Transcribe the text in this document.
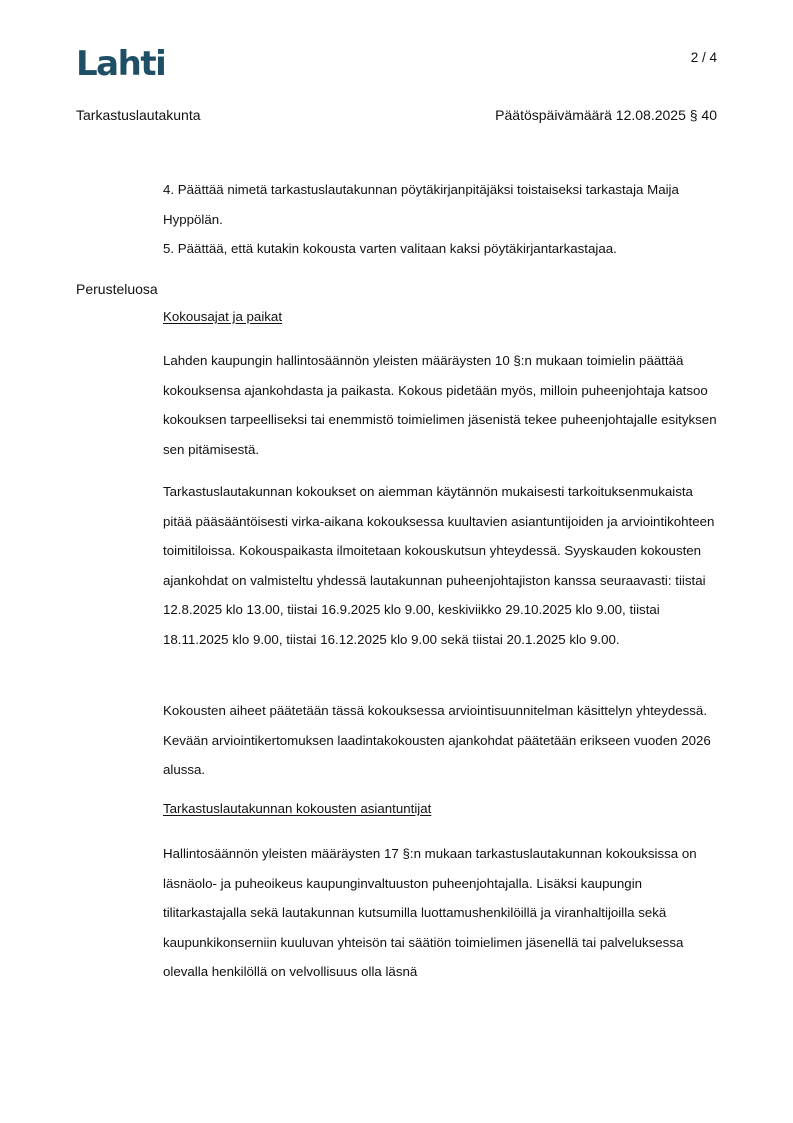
Lahti	2 / 4
Tarkastuslautakunta	Päätöspäivämäärä 12.08.2025 § 40

4. Päättää nimetä tarkastuslautakunnan pöytäkirjanpitäjäksi toistaiseksi tarkastaja Maija Hyppölän.

5. Päättää, että kutakin kokousta varten valitaan kaksi pöytäkirjantarkastajaa.

Perusteluosa
Kokousajat ja paikat

Lahden kaupungin hallintosäännön yleisten määräysten 10 §:n mukaan toimielin päättää kokouksensa ajankohdasta ja paikasta. Kokous pidetään myös, milloin puheenjohtaja katsoo kokouksen tarpeelliseksi tai enemmistö toimielimen jäsenistä tekee puheenjohtajalle esityksen sen pitämisestä.

Tarkastuslautakunnan kokoukset on aiemman käytännön mukaisesti tarkoituksenmukaista pitää pääsääntöisesti virka-aikana kokouksessa kuultavien asiantuntijoiden ja arviointikohteen toimitiloissa. Kokouspaikasta ilmoitetaan kokouskutsun yhteydessä. Syyskauden kokousten ajankohdat on valmisteltu yhdessä lautakunnan puheenjohtajiston kanssa seuraavasti: tiistai 12.8.2025 klo 13.00, tiistai 16.9.2025 klo 9.00, keskiviikko 29.10.2025 klo 9.00, tiistai 18.11.2025 klo 9.00, tiistai 16.12.2025 klo 9.00 sekä tiistai 20.1.2025 klo 9.00.

Kokousten aiheet päätetään tässä kokouksessa arviointisuunnitelman käsittelyn yhteydessä. Kevään arviointikertomuksen laadintakokousten ajankohdat päätetään erikseen vuoden 2026 alussa.

Tarkastuslautakunnan kokousten asiantuntijat

Hallintosäännön yleisten määräysten 17 §:n mukaan tarkastuslautakunnan kokouksissa on läsnäolo- ja puheoikeus kaupunginvaltuuston puheenjohtajalla. Lisäksi kaupungin tilitarkastajalla sekä lautakunnan kutsumilla luottamushenkilöillä ja viranhaltijoilla sekä kaupunkikonserniin kuuluvan yhteisön tai säätiön toimielimen jäsenellä tai palveluksessa olevalla henkilöllä on velvollisuus olla läsnä
